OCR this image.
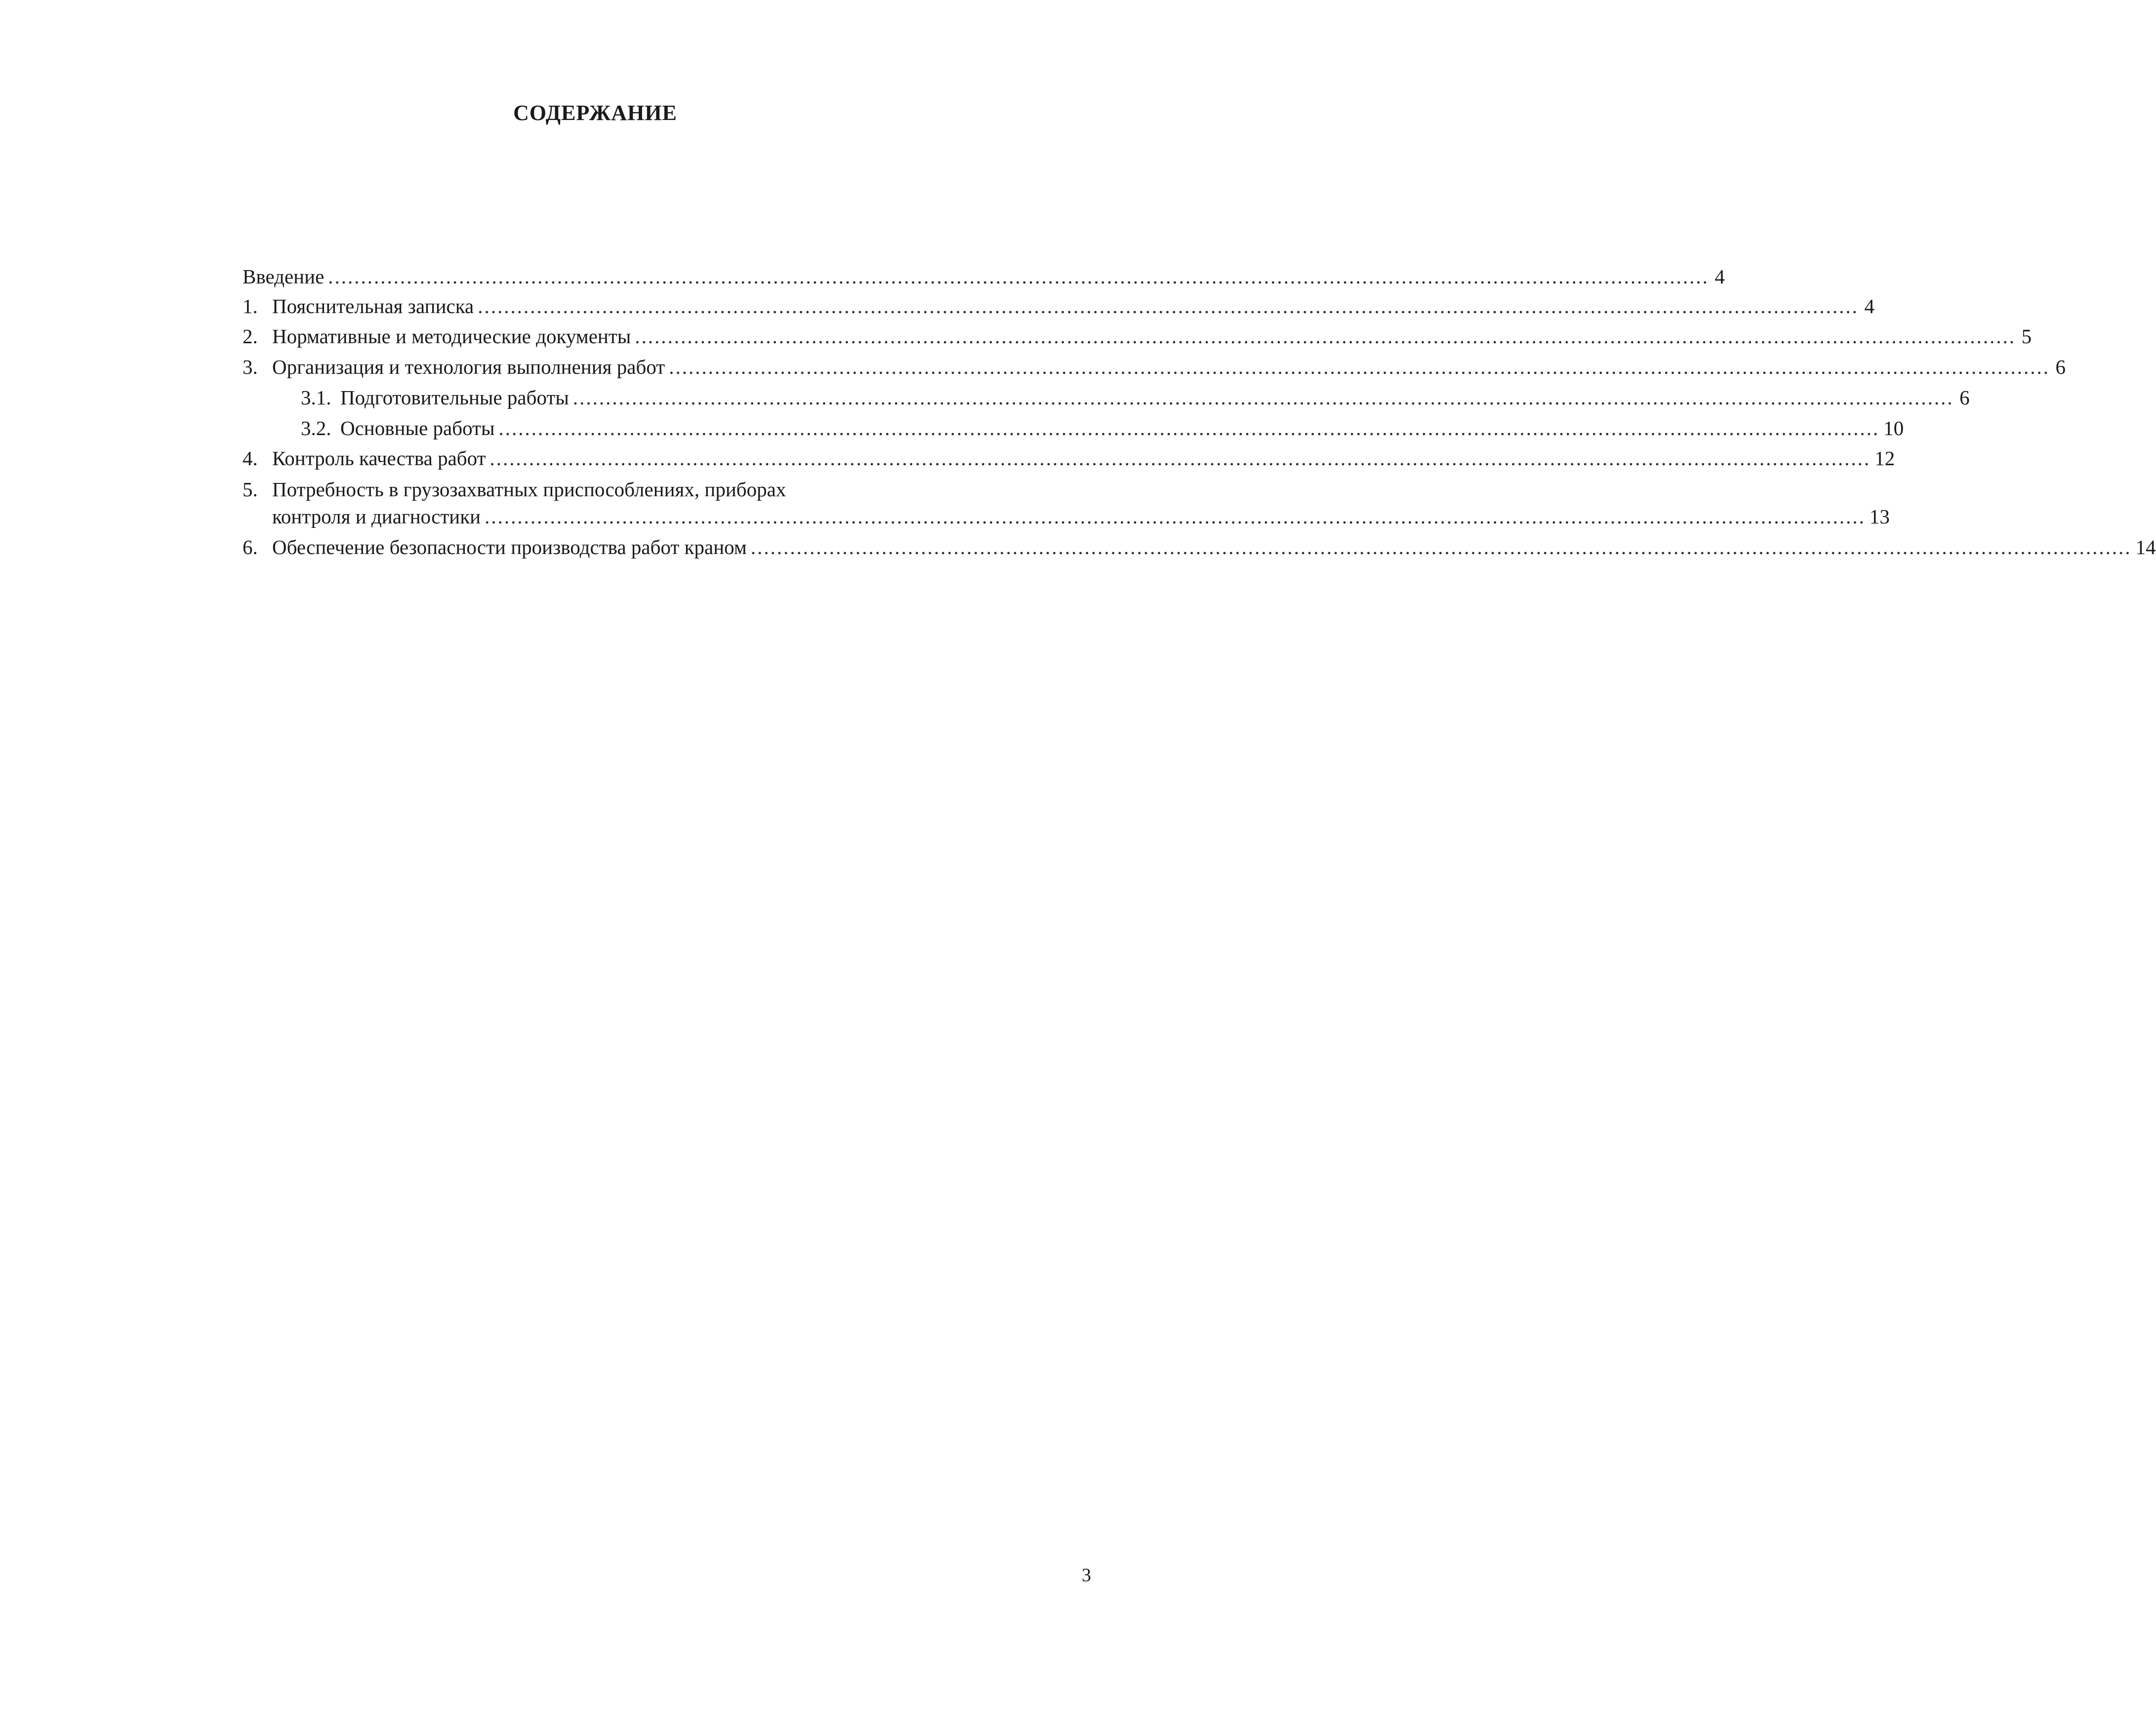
СОДЕРЖАНИЕ
Введение ................................................................................................................................................................................................................... 4
1. Пояснительная записка ................................................................................................................................................................................................................... 4
2. Нормативные и методические документы ................................................................................................................................................................................................................... 5
3. Организация и технология выполнения работ ................................................................................................................................................................................................................... 6
3.1. Подготовительные работы ................................................................................................................................................................................................................... 6
3.2. Основные работы ................................................................................................................................................................................................................... 10
4. Контроль качества работ ................................................................................................................................................................................................................... 12
5. Потребность в грузозахватных приспособлениях, приборах
контроля и диагностики ................................................................................................................................................................................................................... 13
6. Обеспечение безопасности производства работ краном ................................................................................................................................................................................................................... 14
3
